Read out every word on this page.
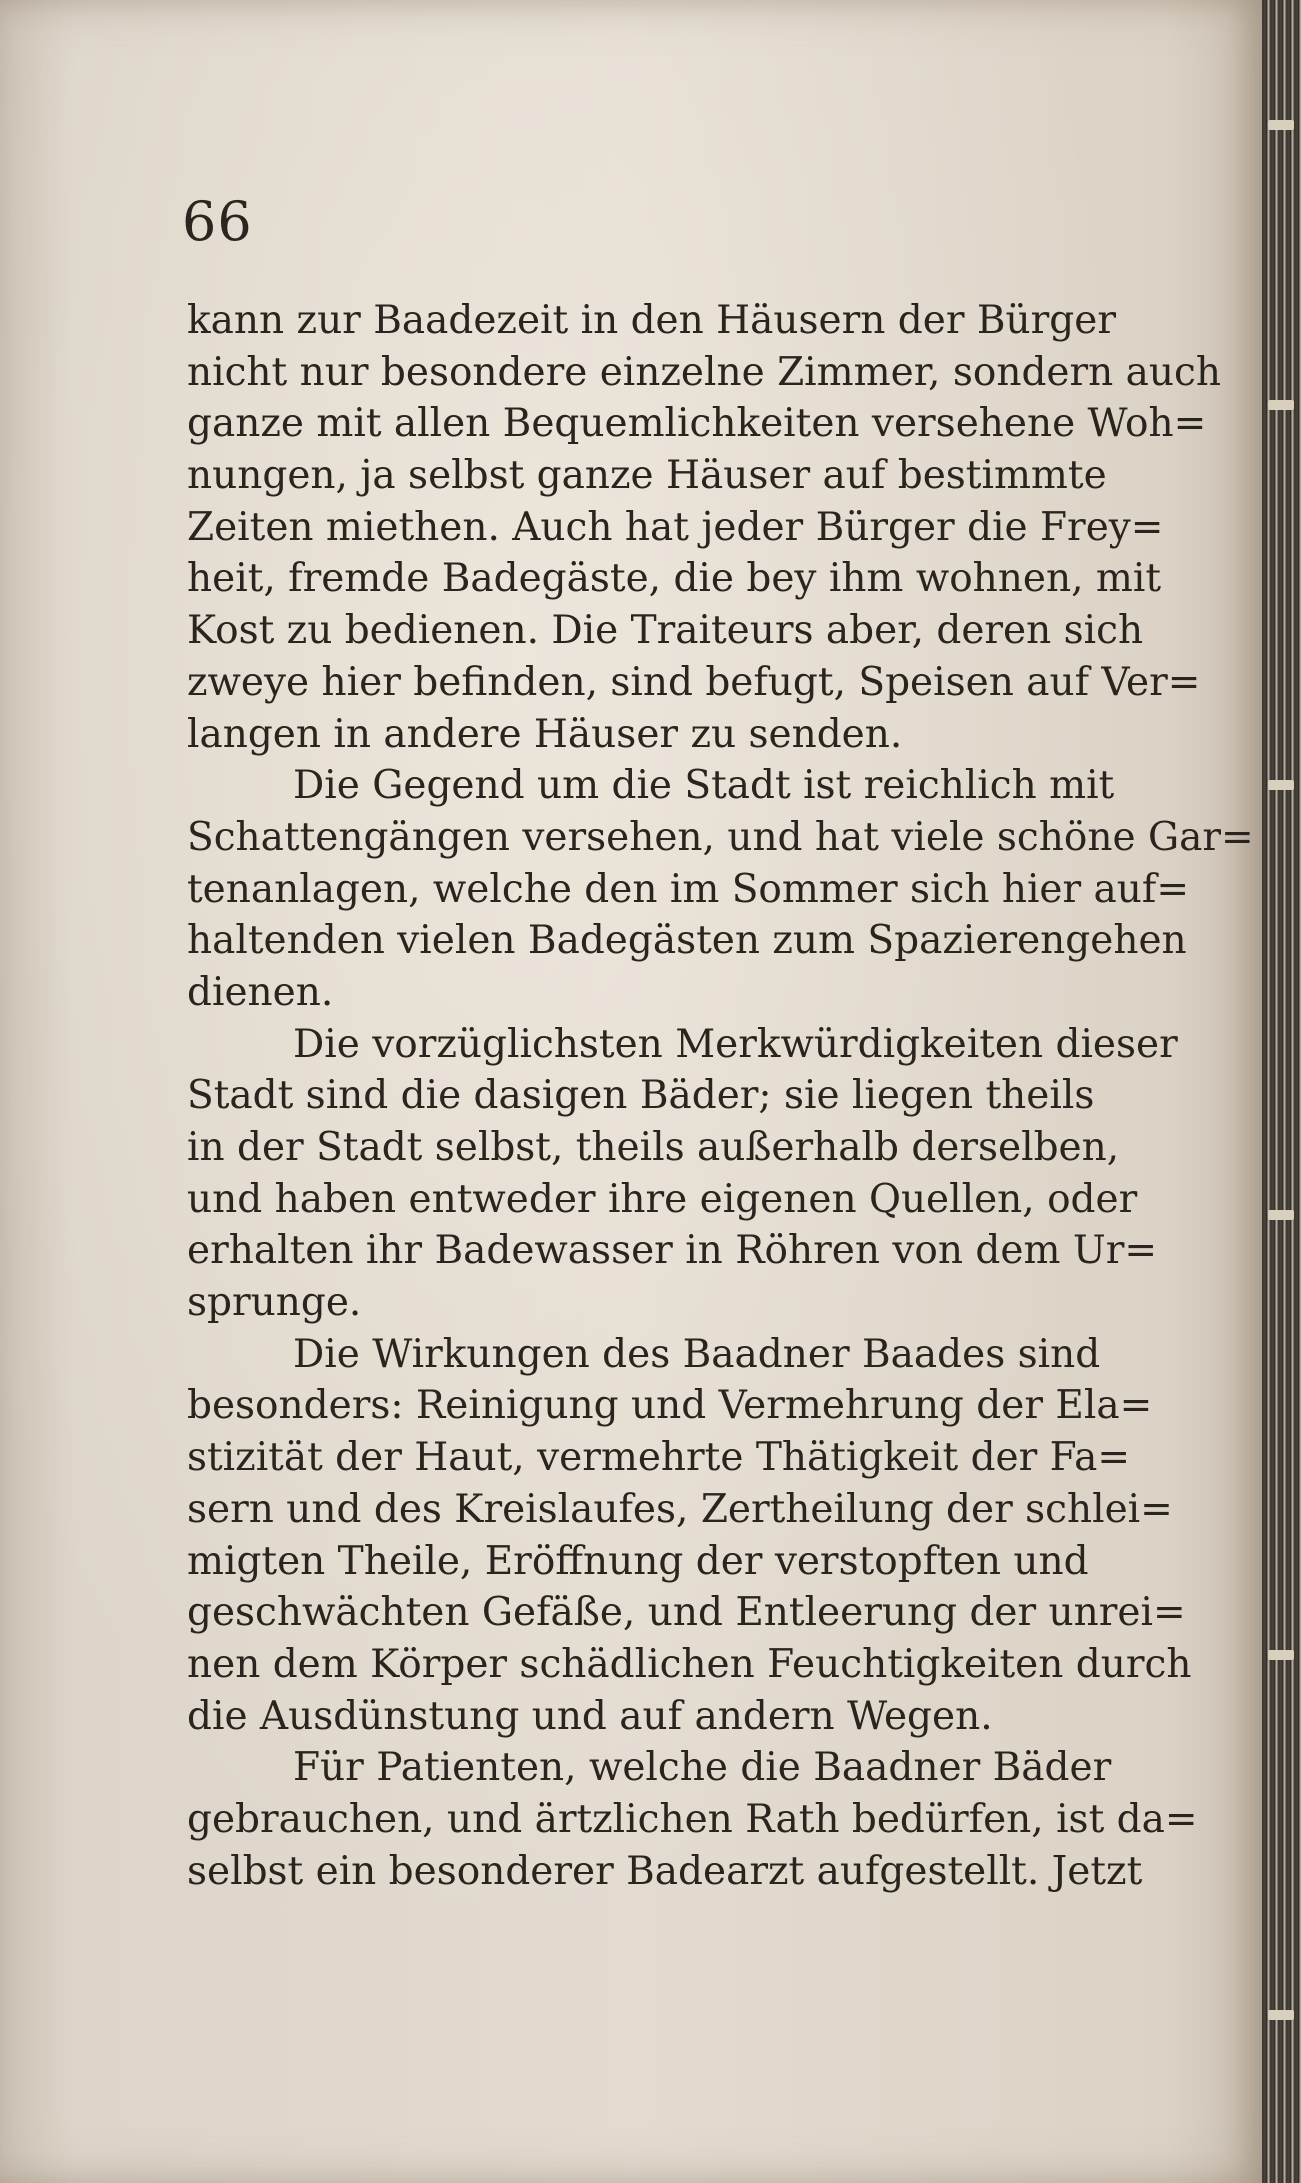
66
kann zur Baadezeit in den Häusern der Bürger
nicht nur besondere einzelne Zimmer, sondern auch
ganze mit allen Bequemlichkeiten versehene Woh=
nungen, ja selbst ganze Häuser auf bestimmte
Zeiten miethen. Auch hat jeder Bürger die Frey=
heit, fremde Badegäste, die bey ihm wohnen, mit
Kost zu bedienen. Die Traiteurs aber, deren sich
zweye hier befinden, sind befugt, Speisen auf Ver=
langen in andere Häuser zu senden.
Die Gegend um die Stadt ist reichlich mit
Schattengängen versehen, und hat viele schöne Gar=
tenanlagen, welche den im Sommer sich hier auf=
haltenden vielen Badegästen zum Spazierengehen
dienen.
Die vorzüglichsten Merkwürdigkeiten dieser
Stadt sind die dasigen Bäder; sie liegen theils
in der Stadt selbst, theils außerhalb derselben,
und haben entweder ihre eigenen Quellen, oder
erhalten ihr Badewasser in Röhren von dem Ur=
sprunge.
Die Wirkungen des Baadner Baades sind
besonders: Reinigung und Vermehrung der Ela=
stizität der Haut, vermehrte Thätigkeit der Fa=
sern und des Kreislaufes, Zertheilung der schlei=
migten Theile, Eröffnung der verstopften und
geschwächten Gefäße, und Entleerung der unrei=
nen dem Körper schädlichen Feuchtigkeiten durch
die Ausdünstung und auf andern Wegen.
Für Patienten, welche die Baadner Bäder
gebrauchen, und ärtzlichen Rath bedürfen, ist da=
selbst ein besonderer Badearzt aufgestellt. Jetzt
